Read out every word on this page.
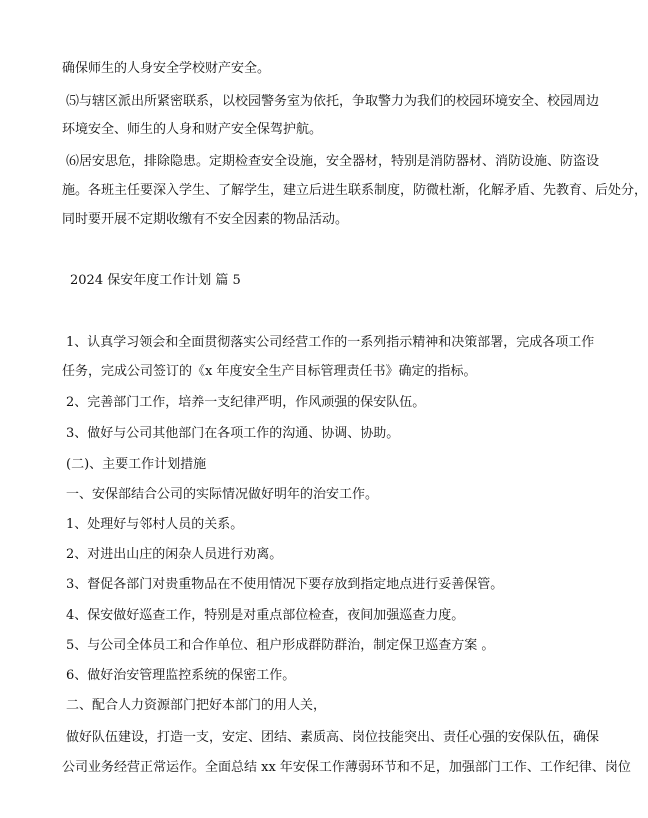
确保师生的人身安全学校财产安全。
⑸与辖区派出所紧密联系，以校园警务室为依托，争取警力为我们的校园环境安全、校园周边
环境安全、师生的人身和财产安全保驾护航。
⑹居安思危，排除隐患。定期检查安全设施，安全器材，特别是消防器材、消防设施、防盗设
施。各班主任要深入学生、了解学生，建立后进生联系制度，防微杜渐，化解矛盾、先教育、后处分，
同时要开展不定期收缴有不安全因素的物品活动。
2024 保安年度工作计划 篇 5
1、认真学习领会和全面贯彻落实公司经营工作的一系列指示精神和决策部署，完成各项工作
任务，完成公司签订的《x 年度安全生产目标管理责任书》确定的指标。
2、完善部门工作，培养一支纪律严明，作风顽强的保安队伍。
3、做好与公司其他部门在各项工作的沟通、协调、协助。
(二)、主要工作计划措施
一、安保部结合公司的实际情况做好明年的治安工作。
1、处理好与邻村人员的关系。
2、对进出山庄的闲杂人员进行劝离。
3、督促各部门对贵重物品在不使用情况下要存放到指定地点进行妥善保管。
4、保安做好巡查工作，特别是对重点部位检查，夜间加强巡查力度。
5、与公司全体员工和合作单位、租户形成群防群治，制定保卫巡查方案 。
6、做好治安管理监控系统的保密工作。
二、配合人力资源部门把好本部门的用人关，
做好队伍建设，打造一支，安定、团结、素质高、岗位技能突出、责任心强的安保队伍，确保
公司业务经营正常运作。全面总结 xx 年安保工作薄弱环节和不足，加强部门工作、工作纪律、岗位
